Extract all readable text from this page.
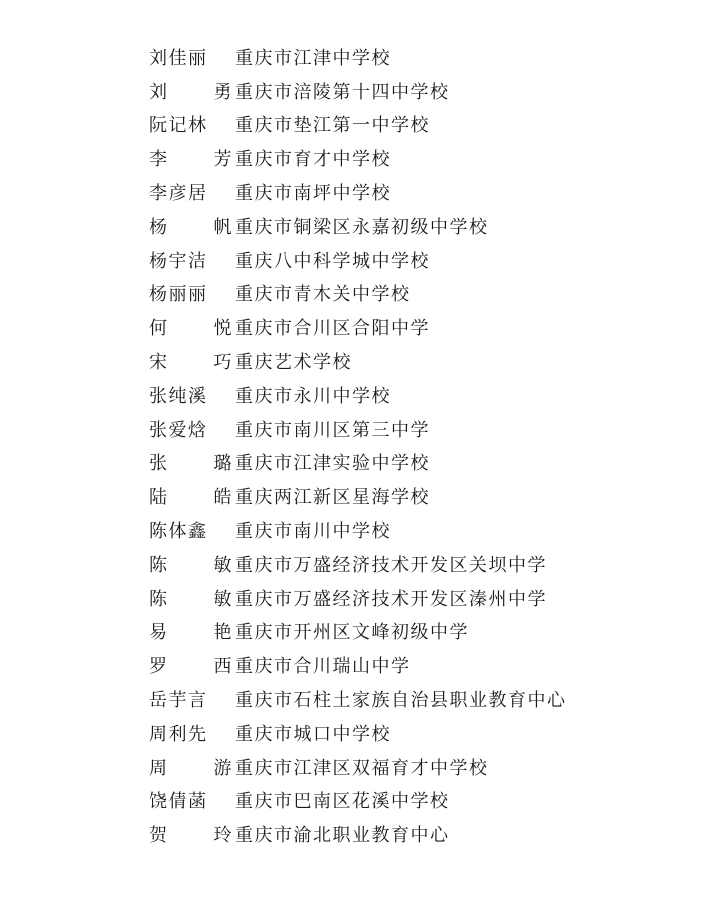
刘佳丽	重庆市江津中学校
刘 勇 重庆市涪陵第十四中学校
阮记林	重庆市垫江第一中学校
李 芳 重庆市育才中学校
李彦居	重庆市南坪中学校
杨 帆 重庆市铜梁区永嘉初级中学校
杨宇洁	重庆八中科学城中学校
杨丽丽	重庆市青木关中学校
何 悦 重庆市合川区合阳中学
宋 巧 重庆艺术学校
张纯溪	重庆市永川中学校
张爱焓	重庆市南川区第三中学
张 璐 重庆市江津实验中学校
陆 皓 重庆两江新区星海学校
陈体鑫	重庆市南川中学校
陈 敏 重庆市万盛经济技术开发区关坝中学
陈 敏 重庆市万盛经济技术开发区溱州中学
易 艳 重庆市开州区文峰初级中学
罗 西 重庆市合川瑞山中学
岳芋言	重庆市石柱土家族自治县职业教育中心
周利先	重庆市城口中学校
周 游 重庆市江津区双福育才中学校
饶倩菡	重庆市巴南区花溪中学校
贺 玲 重庆市渝北职业教育中心
